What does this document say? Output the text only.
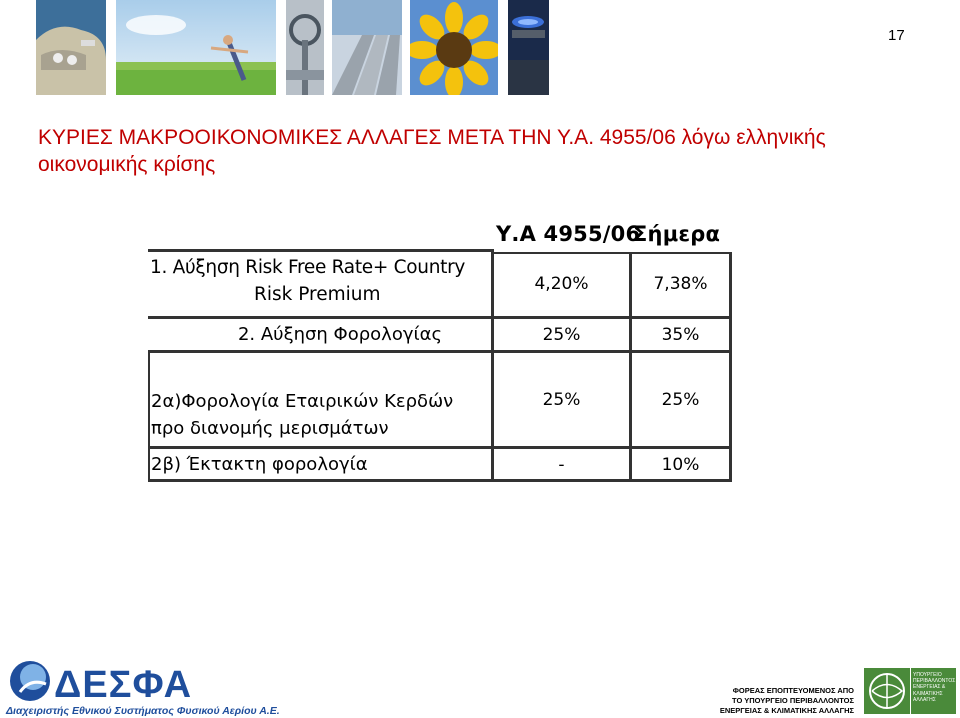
17
ΚΥΡΙΕΣ ΜΑΚΡΟΟΙΚΟΝΟΜΙΚΕΣ ΑΛΛΑΓΕΣ ΜΕΤΑ ΤΗΝ Υ.Α. 4955/06 λόγω ελληνικής
οικονομικής κρίσης
Υ.Α 4955/06
Σήμερα
1. Αύξηση Risk Free Rate+ Country
Risk Premium	4,20%	7,38%
2. Αύξηση Φορολογίας	25%	35%
2α)Φορολογία Εταιρικών Κερδών
προ διανομής μερισμάτων
25%	25%
2β) Έκτακτη φορολογία	-	10%
ΔΕΣΦΑ
Διαχειριστής Εθνικού Συστήματος Φυσικού Αερίου Α.Ε.
ΦΟΡΕΑΣ ΕΠΟΠΤΕΥΟΜΕΝΟΣ ΑΠΟ
ΤΟ ΥΠΟΥΡΓΕΙΟ ΠΕΡΙΒΑΛΛΟΝΤΟΣ
ΕΝΕΡΓΕΙΑΣ & ΚΛΙΜΑΤΙΚΗΣ ΑΛΛΑΓΗΣ
ΥΠΟΥΡΓΕΙΟ
ΠΕΡΙΒΑΛΛΟΝΤΟΣ
ΕΝΕΡΓΕΙΑΣ &
ΚΛΙΜΑΤΙΚΗΣ
ΑΛΛΑΓΗΣ
